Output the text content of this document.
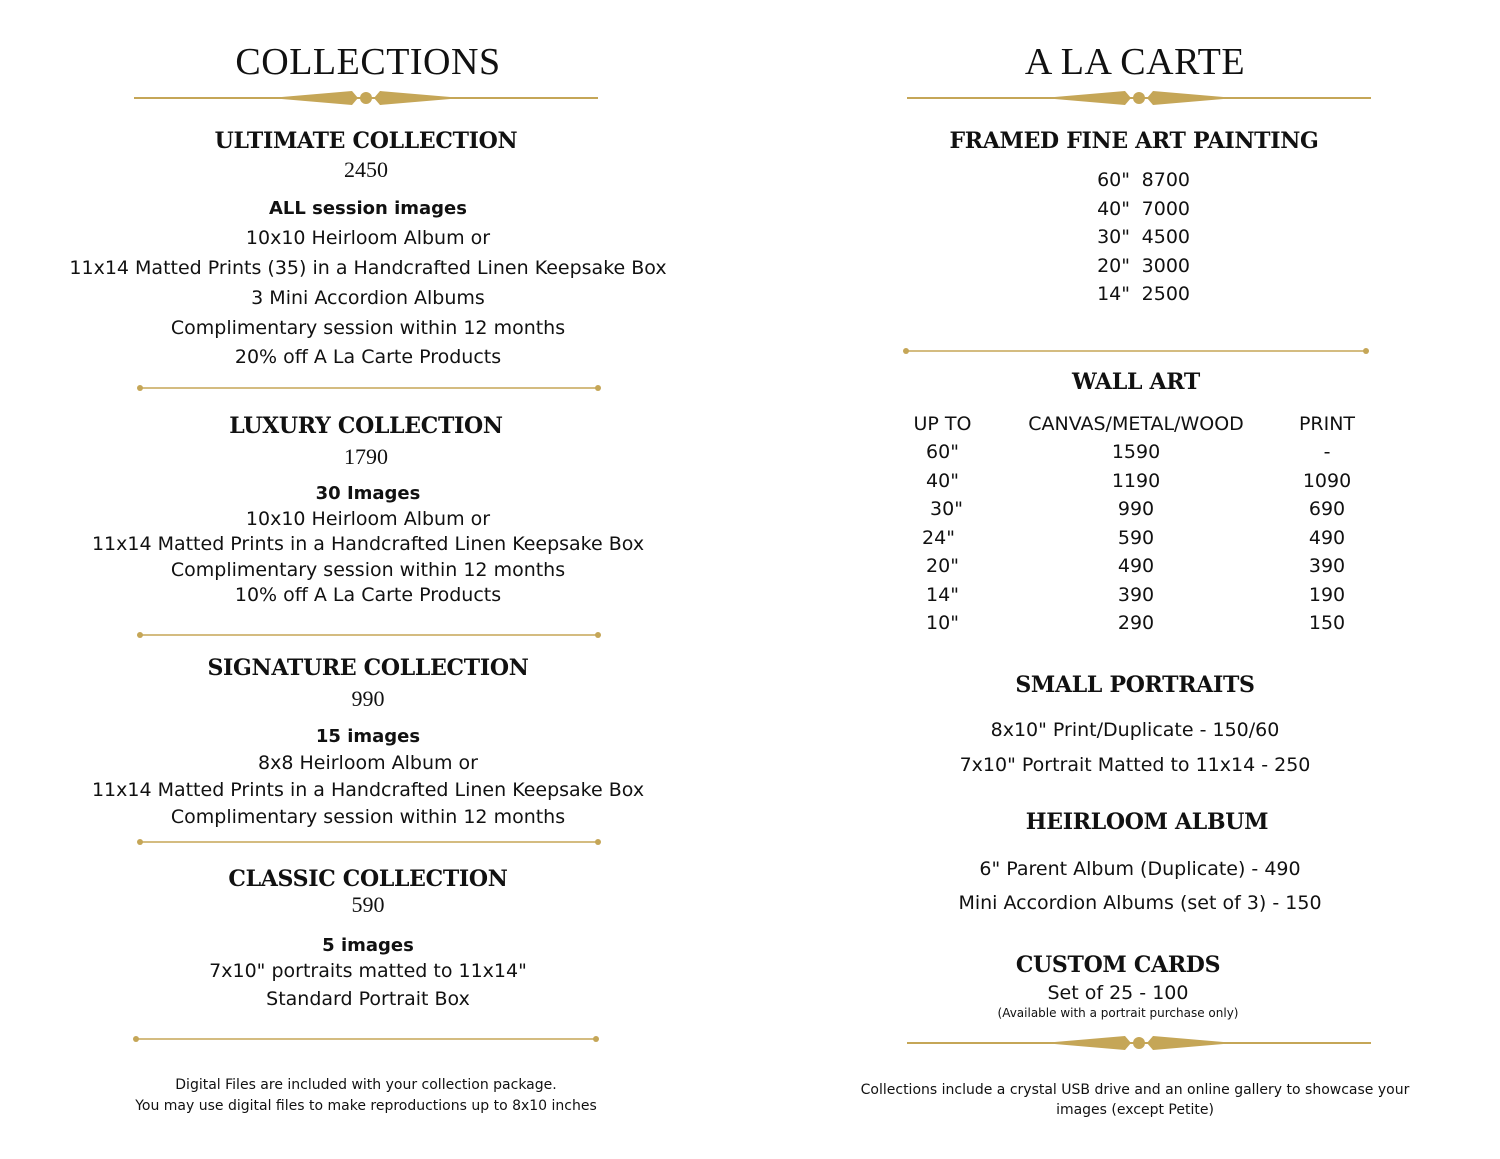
COLLECTIONS
ULTIMATE COLLECTION
2450
ALL session images
10x10 Heirloom Album or
11x14 Matted Prints (35) in a Handcrafted Linen Keepsake Box
3 Mini Accordion Albums
Complimentary session within 12 months
20% off A La Carte Products
LUXURY COLLECTION
1790
30 Images
10x10 Heirloom Album or
11x14 Matted Prints in a Handcrafted Linen Keepsake Box
Complimentary session within 12 months
10% off A La Carte Products
SIGNATURE COLLECTION
990
15 images
8x8 Heirloom Album or
11x14 Matted Prints in a Handcrafted Linen Keepsake Box
Complimentary session within 12 months
CLASSIC COLLECTION
590
5 images
7x10" portraits matted to 11x14"
Standard Portrait Box
Digital Files are included with your collection package.
You may use digital files to make reproductions up to 8x10 inches
A LA CARTE
FRAMED FINE ART PAINTING
60" 8700
40" 7000
30" 4500
20" 3000
14" 2500
WALL ART
UP TO	CANVAS/METAL/WOOD	PRINT
60"	1590	-
40"	1190	1090
30"	990	690
24"	590	490
20"	490	390
14"	390	190
10"	290	150
SMALL PORTRAITS
8x10" Print/Duplicate - 150/60
7x10" Portrait Matted to 11x14 - 250
HEIRLOOM ALBUM
6" Parent Album (Duplicate) - 490
Mini Accordion Albums (set of 3) - 150
CUSTOM CARDS
Set of 25 - 100
(Available with a portrait purchase only)
Collections include a crystal USB drive and an online gallery to showcase your
images (except Petite)
